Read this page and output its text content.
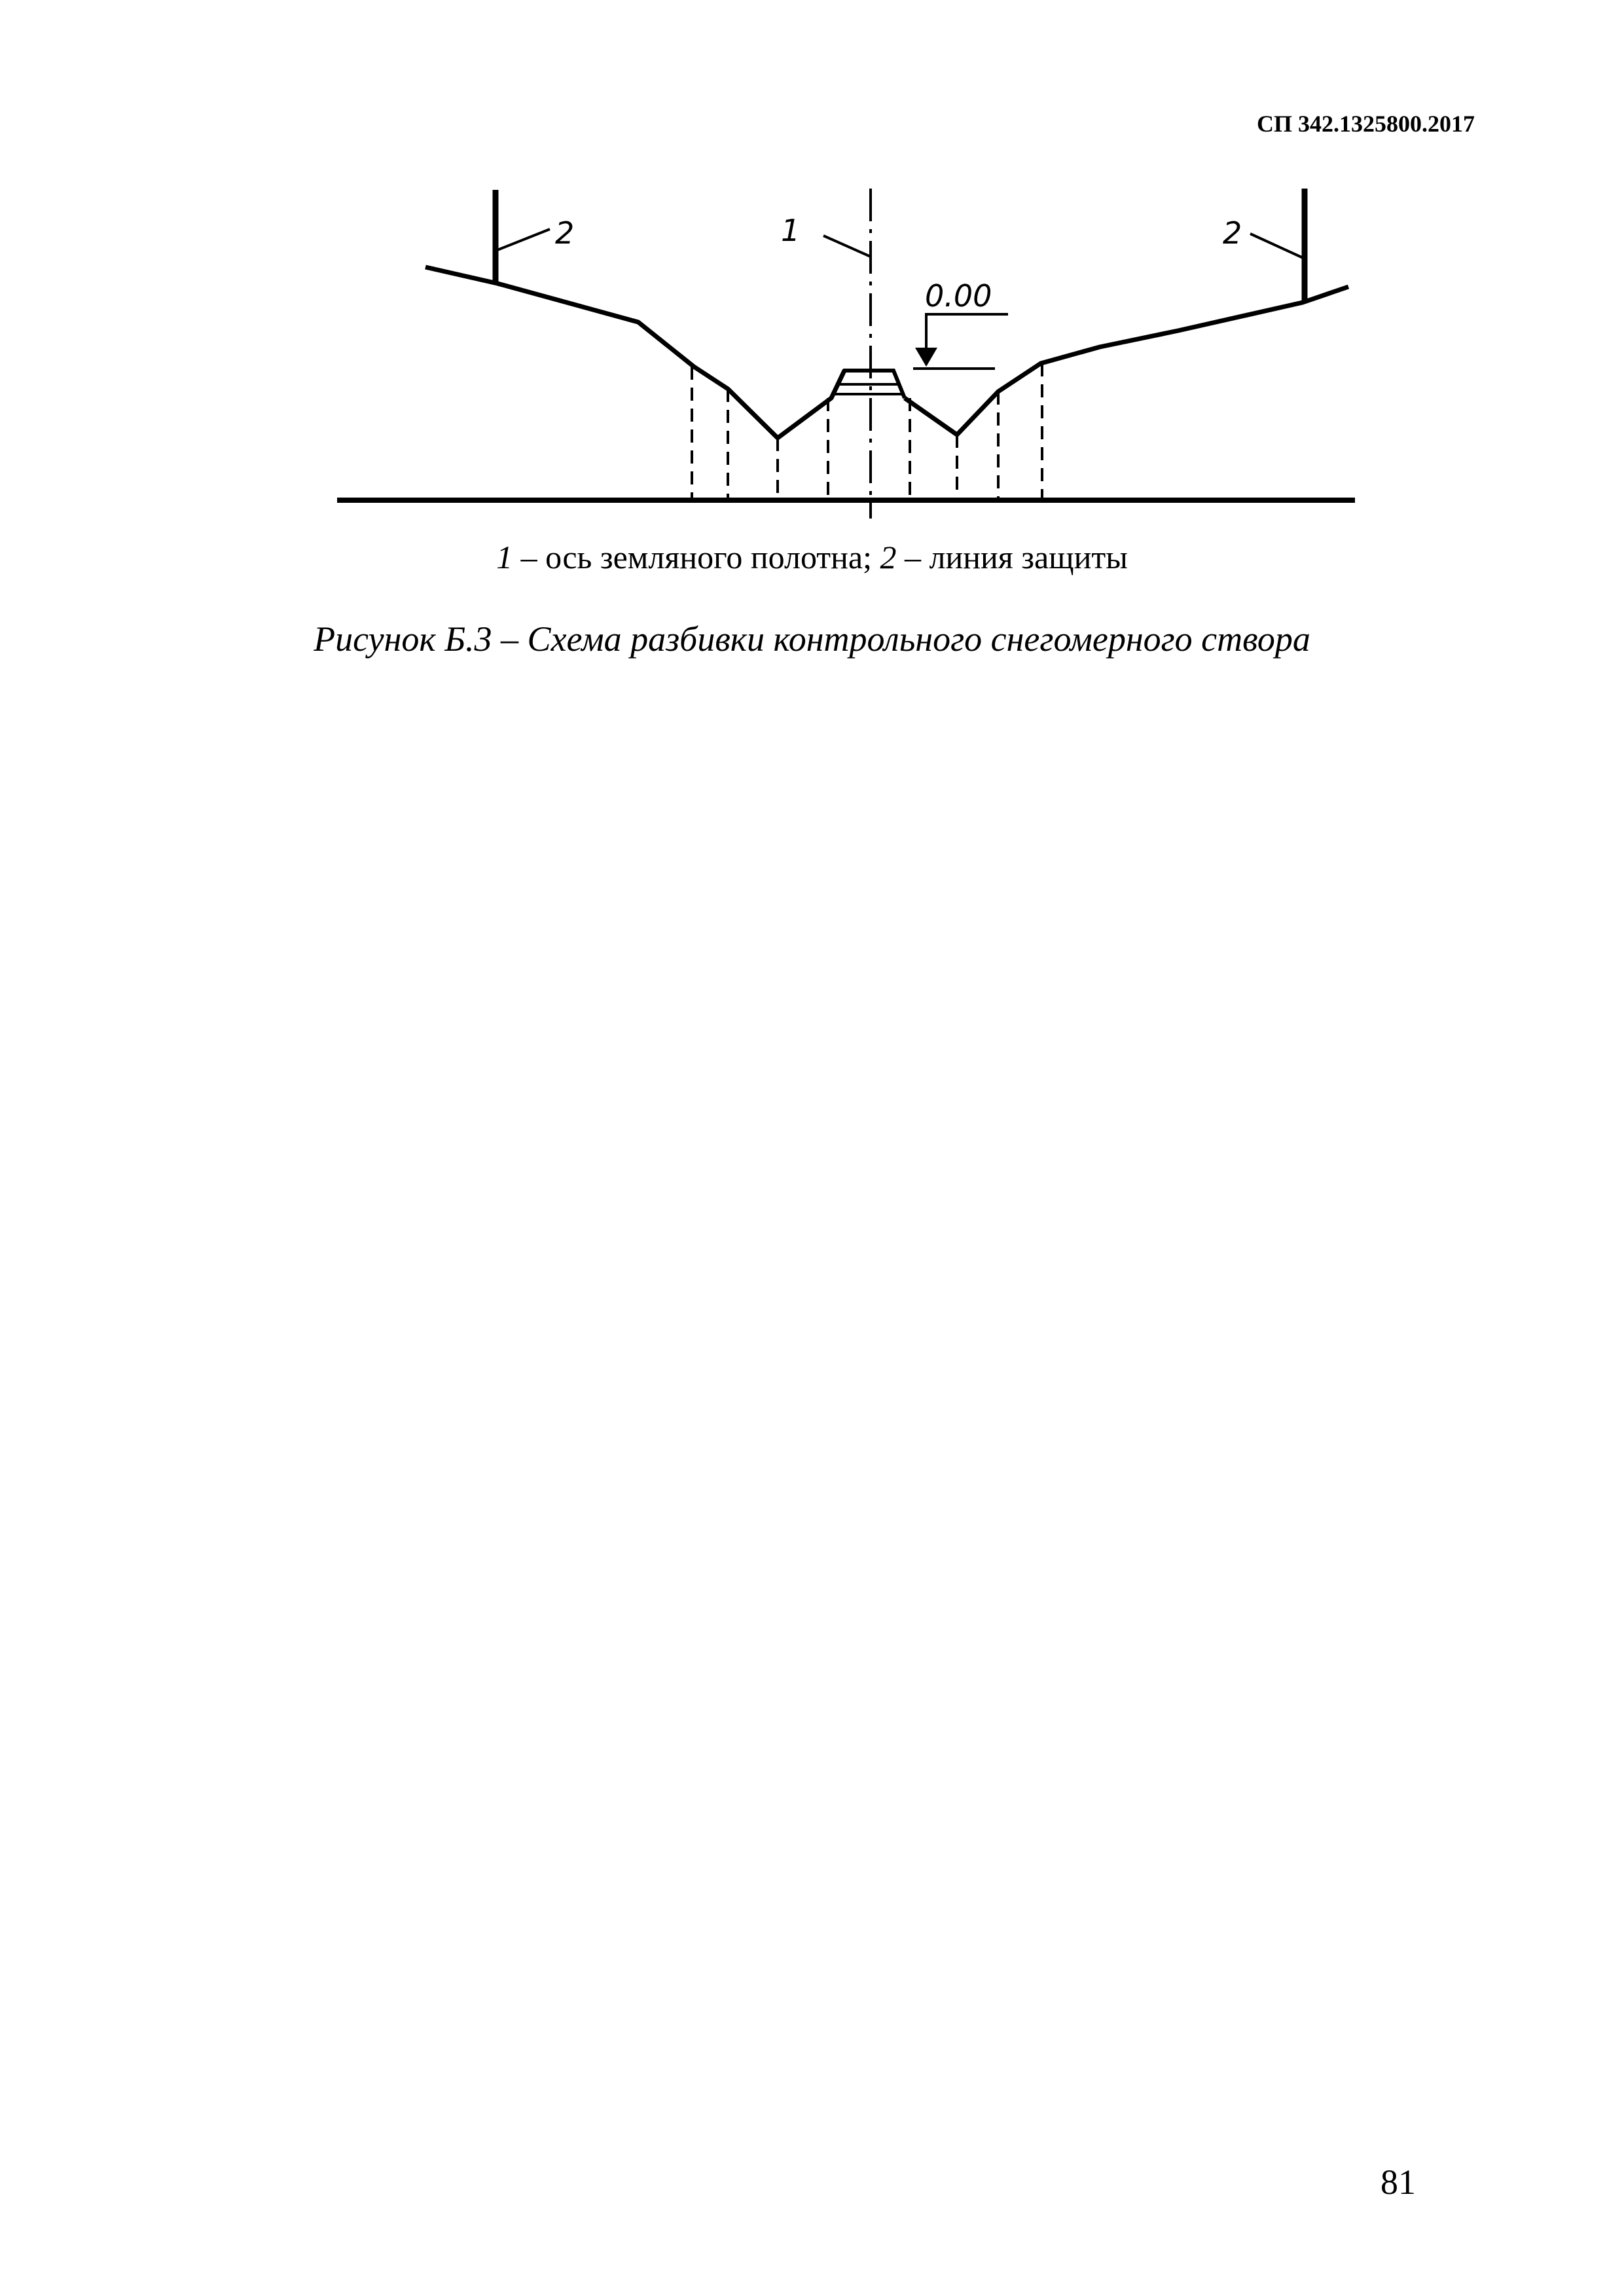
СП 342.1325800.2017
2	1	2
0.00
1 – ось земляного полотна; 2 – линия защиты
Рисунок Б.3 – Схема разбивки контрольного снегомерного створа
81
